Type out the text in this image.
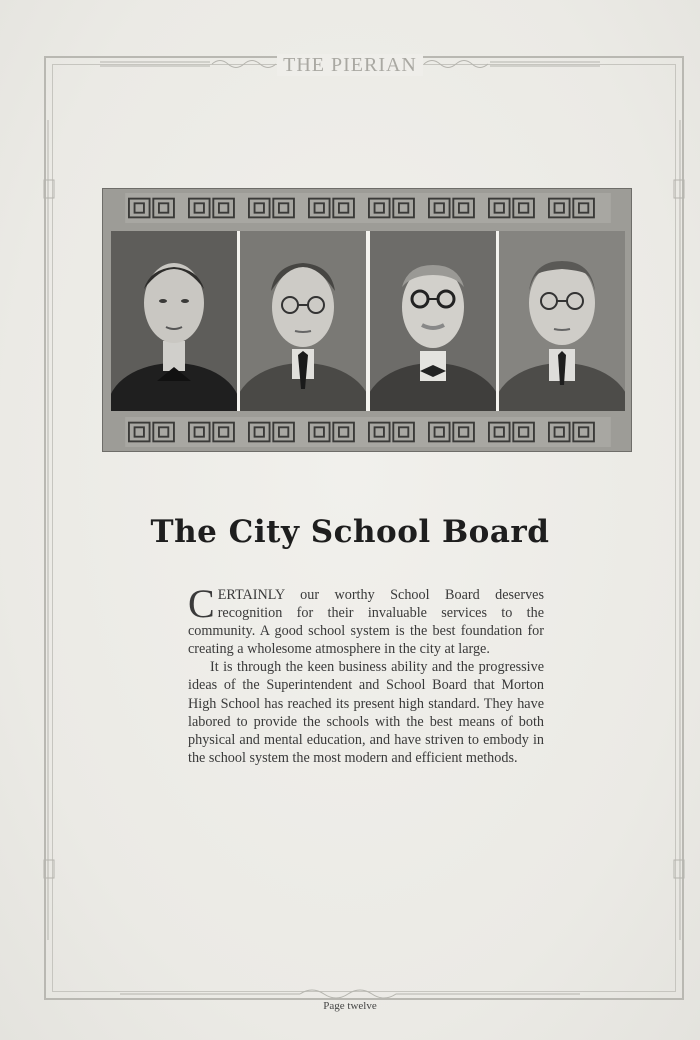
THE PIERIAN
The City School Board

CERTAINLY our worthy School Board deserves recognition for their invaluable services to the community. A good school system is the best foundation for creating a wholesome atmosphere in the city at large.

It is through the keen business ability and the progressive ideas of the Superintendent and School Board that Morton High School has reached its present high standard. They have labored to provide the schools with the best means of both physical and mental education, and have striven to embody in the school system the most modern and efficient methods.

Page twelve
